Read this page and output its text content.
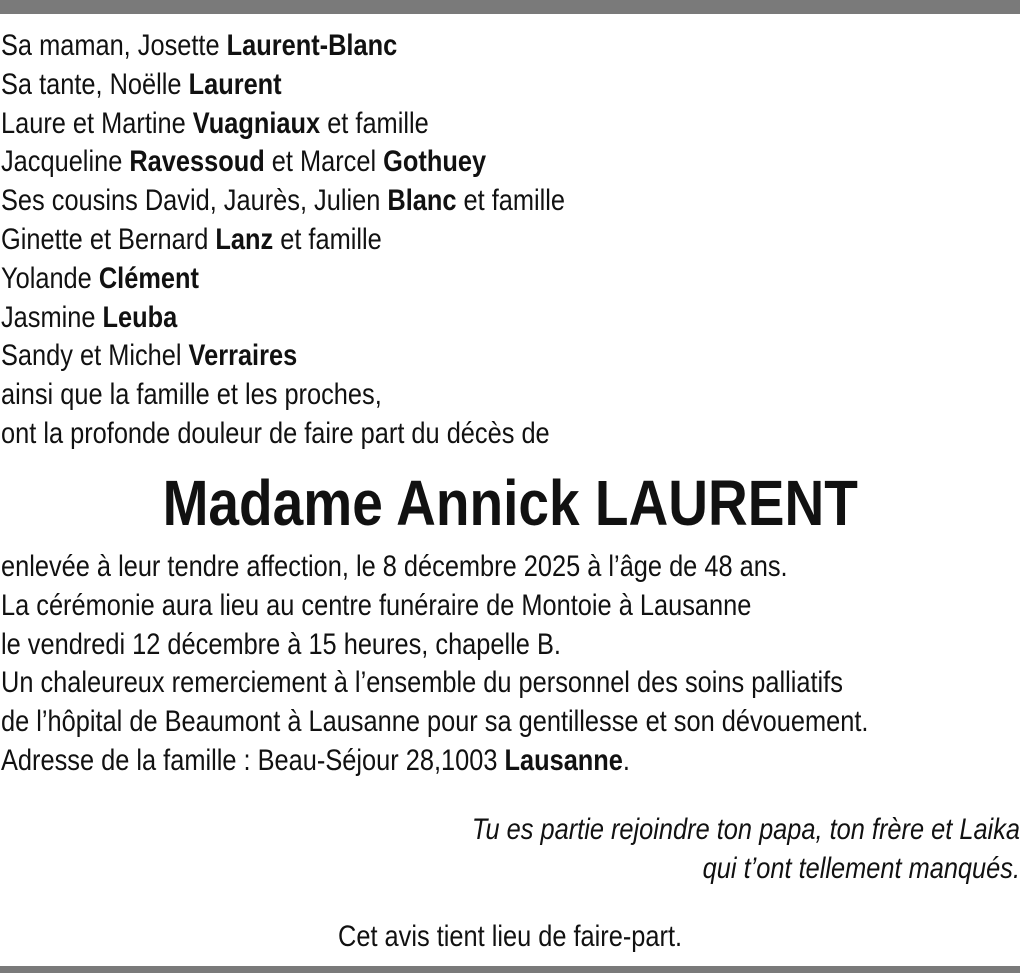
Sa maman, Josette Laurent-Blanc
Sa tante, Noëlle Laurent
Laure et Martine Vuagniaux et famille
Jacqueline Ravessoud et Marcel Gothuey
Ses cousins David, Jaurès, Julien Blanc et famille
Ginette et Bernard Lanz et famille
Yolande Clément
Jasmine Leuba
Sandy et Michel Verraires
ainsi que la famille et les proches,
ont la profonde douleur de faire part du décès de
Madame Annick LAURENT
enlevée à leur tendre affection, le 8 décembre 2025 à l’âge de 48 ans.
La cérémonie aura lieu au centre funéraire de Montoie à Lausanne
le vendredi 12 décembre à 15 heures, chapelle B.
Un chaleureux remerciement à l’ensemble du personnel des soins palliatifs
de l’hôpital de Beaumont à Lausanne pour sa gentillesse et son dévouement.
Adresse de la famille : Beau-Séjour 28,1003 Lausanne.
Tu es partie rejoindre ton papa, ton frère et Laika
qui t’ont tellement manqués.
Cet avis tient lieu de faire-part.
